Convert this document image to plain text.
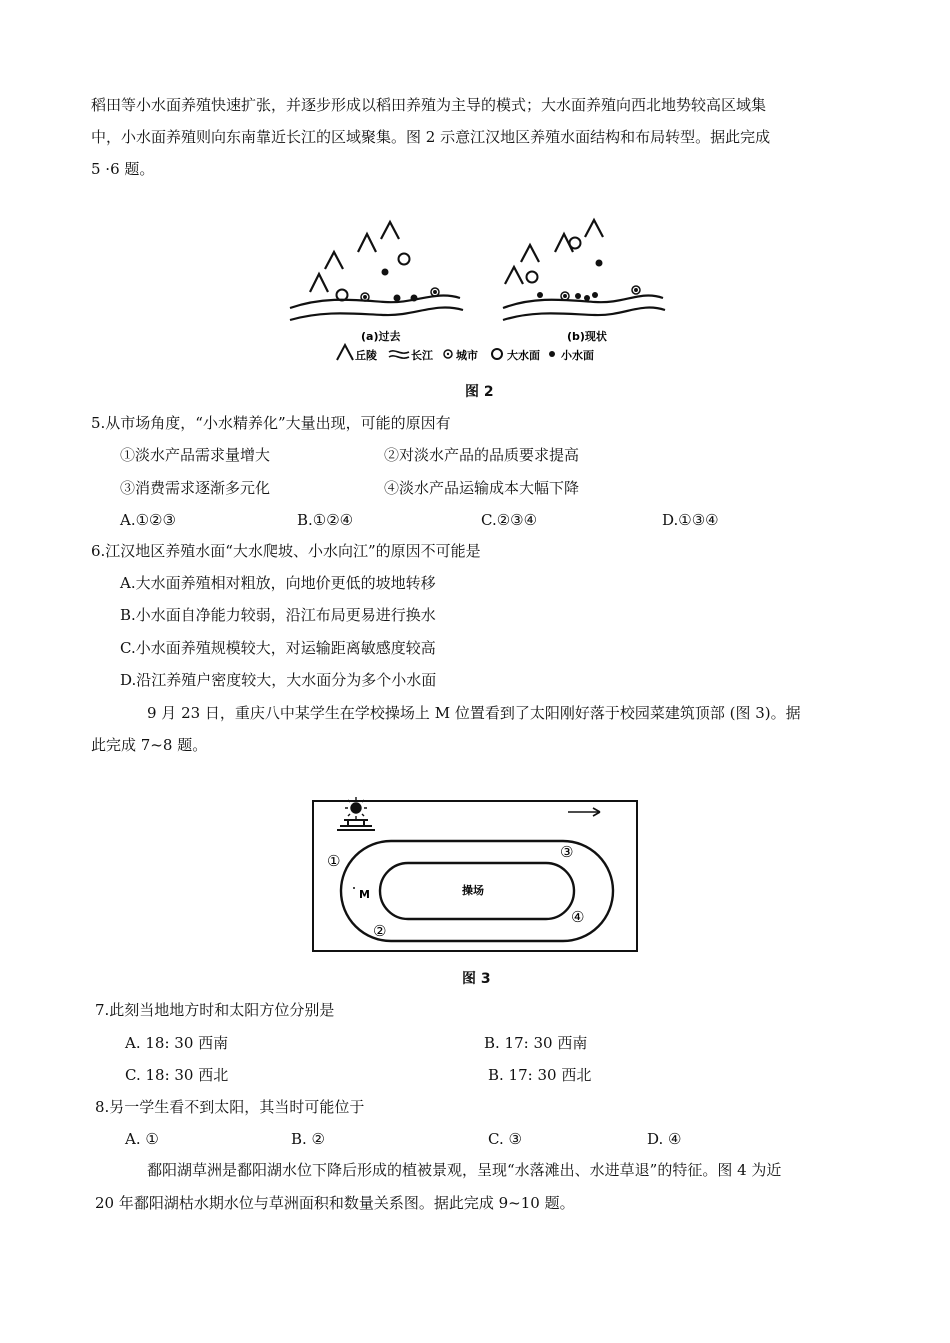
稻田等小水面养殖快速扩张，并逐步形成以稻田养殖为主导的模式；大水面养殖向西北地势较高区域集
中，小水面养殖则向东南靠近长江的区域聚集。图 2 示意江汉地区养殖水面结构和布局转型。据此完成
5 ·6 题。
(a)过去	(b)现状
丘陵	长江 城市	大水面 小水面
图 2
5.从市场角度，“小水精养化”大量出现，可能的原因有
①淡水产品需求量增大	②对淡水产品的品质要求提高
③消费需求逐渐多元化	④淡水产品运输成本大幅下降
A.①②③	B.①②④	C.②③④	D.①③④
6.江汉地区养殖水面“大水爬坡、小水向江”的原因不可能是
A.大水面养殖相对粗放，向地价更低的坡地转移
B.小水面自净能力较弱，沿江布局更易进行换水
C.小水面养殖规模较大，对运输距离敏感度较高
D.沿江养殖户密度较大，大水面分为多个小水面
9 月 23 日，重庆八中某学生在学校操场上 M 位置看到了太阳刚好落于校园菜建筑顶部 (图 3)。据
此完成 7~8 题。
操场
M
①
②
③
④
图 3
7.此刻当地地方时和太阳方位分别是
A. 18: 30 西南	B. 17: 30 西南
C. 18: 30 西北	B. 17: 30 西北
8.另一学生看不到太阳，其当时可能位于
A. ①	B. ②	C. ③	D. ④
鄱阳湖草洲是鄱阳湖水位下降后形成的植被景观，呈现“水落滩出、水进草退”的特征。图 4 为近
20 年鄱阳湖枯水期水位与草洲面积和数量关系图。据此完成 9~10 题。
